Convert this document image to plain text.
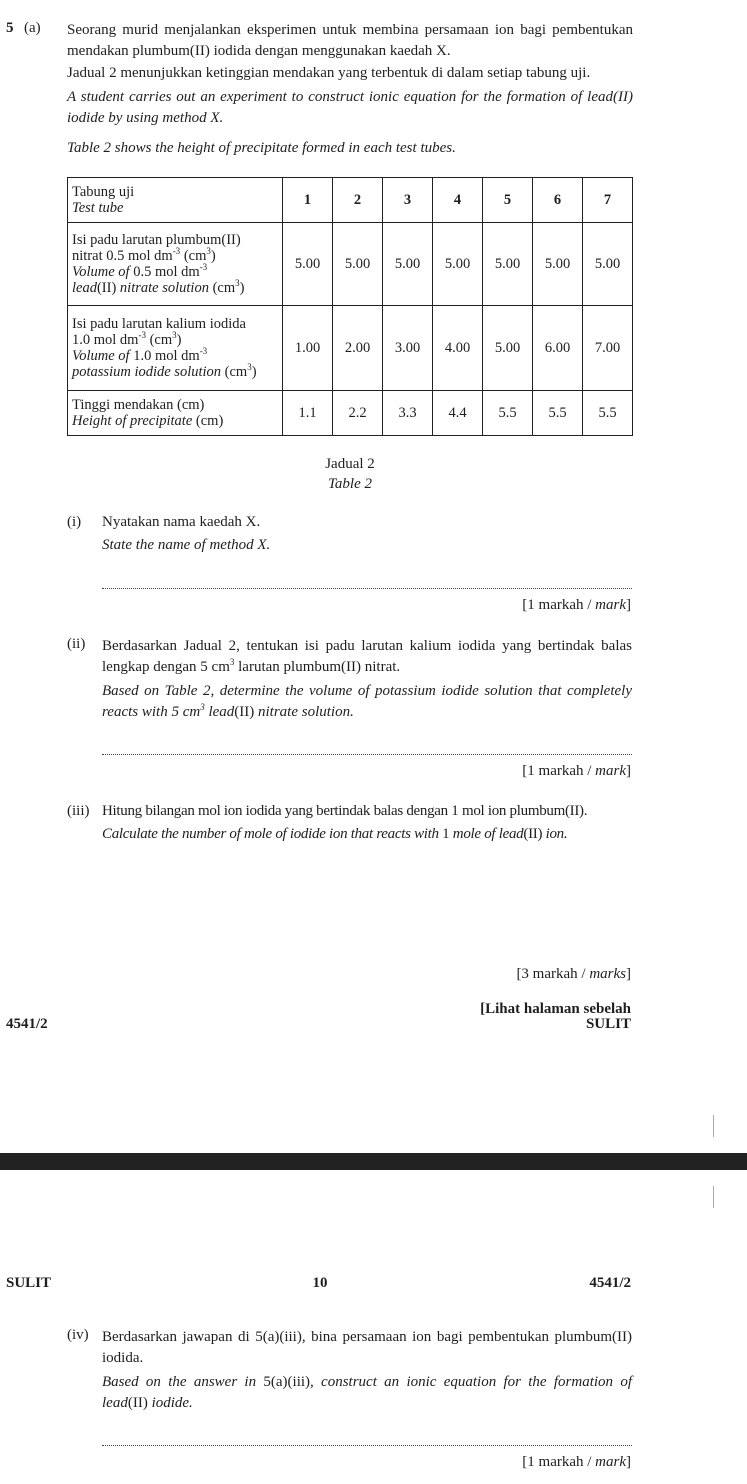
5 (a) Seorang murid menjalankan eksperimen untuk membina persamaan ion bagi pembentukan mendakan plumbum(II) iodida dengan menggunakan kaedah X.

Jadual 2 menunjukkan ketinggian mendakan yang terbentuk di dalam setiap tabung uji.

A student carries out an experiment to construct ionic equation for the formation of lead(II) iodide by using method X.

Table 2 shows the height of precipitate formed in each test tubes.

Tabung uji
Test tube	1	2	3	4	5	6	7

Isi padu larutan plumbum(II)
nitrat 0.5 mol $dm^{-3}$ $(cm^3)$
Volume of 0.5 mol $dm^{-3}$
lead(II) nitrate solution $(cm^3)$	5.00	5.00	5.00	5.00	5.00	5.00	5.00

Isi padu larutan kalium iodida
1.0 mol $dm^{-3}$ $(cm^3)$
Volume of 1.0 mol $dm^{-3}$
potassium iodide solution $(cm^3)$	1.00	2.00	3.00	4.00	5.00	6.00	7.00

Tinggi mendakan (cm)
Height of precipitate (cm)	1.1	2.2	3.3	4.4	5.5	5.5	5.5
Jadual 2
Table 2
(i) Nyatakan nama kaedah X.

State the name of method X.

[1 markah / mark]
(ii) Berdasarkan Jadual 2, tentukan isi padu larutan kalium iodida yang bertindak balas lengkap dengan 5 $cm^3$ larutan plumbum(II) nitrat.

Based on Table 2, determine the volume of potassium iodide solution that completely reacts with 5 $cm^3$ lead(II) nitrate solution.

[1 markah / mark]
(iii) Hitung bilangan mol ion iodida yang bertindak balas dengan 1 mol ion plumbum(II).

Calculate the number of mole of iodide ion that reacts with 1 mole of lead(II) ion.

[3 markah / marks]
[Lihat halaman sebelah
SULIT
4541/2
SULIT	10	4541/2
(iv) Berdasarkan jawapan di 5(a)(iii), bina persamaan ion bagi pembentukan plumbum(II) iodida.

Based on the answer in 5(a)(iii), construct an ionic equation for the formation of lead(II) iodide.

[1 markah / mark]
